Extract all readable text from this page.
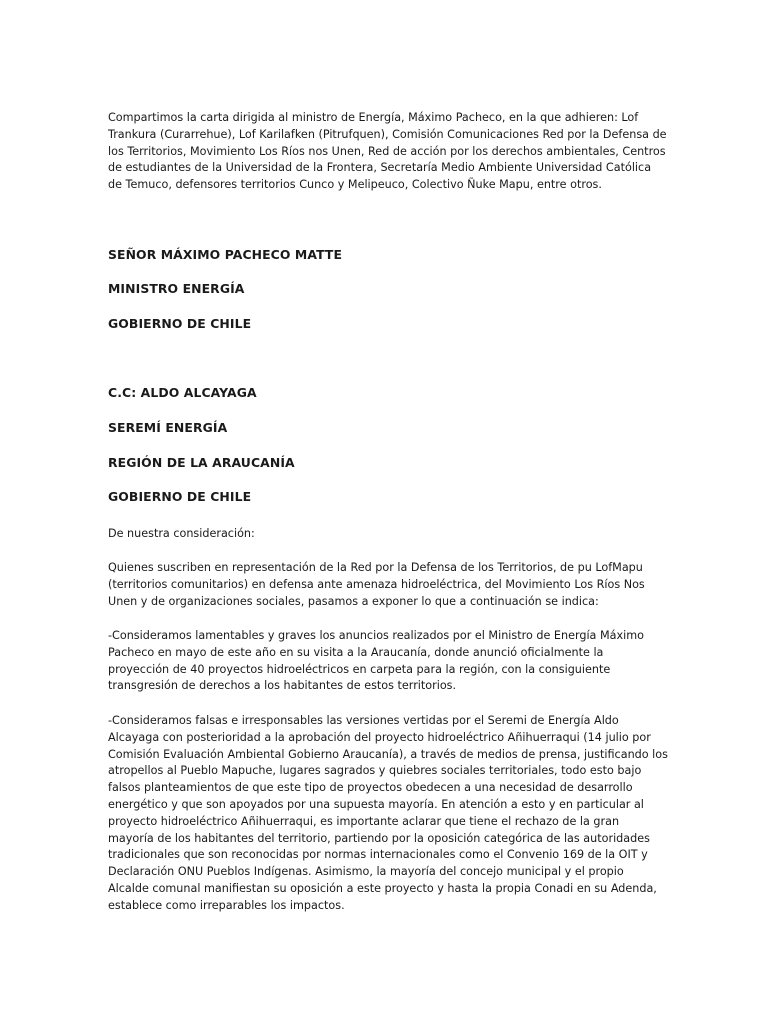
Compartimos la carta dirigida al ministro de Energía, Máximo Pacheco, en la que adhieren: Lof Trankura (Curarrehue), Lof Karilafken (Pitrufquen), Comisión Comunicaciones Red por la Defensa de los Territorios, Movimiento Los Ríos nos Unen, Red de acción por los derechos ambientales, Centros de estudiantes de la Universidad de la Frontera, Secretaría Medio Ambiente Universidad Católica de Temuco, defensores territorios Cunco y Melipeuco, Colectivo Ñuke Mapu, entre otros.

SEÑOR MÁXIMO PACHECO MATTE

MINISTRO ENERGÍA

GOBIERNO DE CHILE

C.C: ALDO ALCAYAGA

SEREMÍ ENERGÍA

REGIÓN DE LA ARAUCANÍA

GOBIERNO DE CHILE

De nuestra consideración:

Quienes suscriben en representación de la Red por la Defensa de los Territorios, de pu LofMapu (territorios comunitarios) en defensa ante amenaza hidroeléctrica, del Movimiento Los Ríos Nos Unen y de organizaciones sociales, pasamos a exponer lo que a continuación se indica:

-Consideramos lamentables y graves los anuncios realizados por el Ministro de Energía Máximo Pacheco en mayo de este año en su visita a la Araucanía, donde anunció oficialmente la proyección de 40 proyectos hidroeléctricos en carpeta para la región, con la consiguiente transgresión de derechos a los habitantes de estos territorios.

-Consideramos falsas e irresponsables las versiones vertidas por el Seremi de Energía Aldo Alcayaga con posterioridad a la aprobación del proyecto hidroeléctrico Añihuerraqui (14 julio por Comisión Evaluación Ambiental Gobierno Araucanía), a través de medios de prensa, justificando los atropellos al Pueblo Mapuche, lugares sagrados y quiebres sociales territoriales, todo esto bajo falsos planteamientos de que este tipo de proyectos obedecen a una necesidad de desarrollo energético y que son apoyados por una supuesta mayoría. En atención a esto y en particular al proyecto hidroeléctrico Añihuerraqui, es importante aclarar que tiene el rechazo de la gran mayoría de los habitantes del territorio, partiendo por la oposición categórica de las autoridades tradicionales que son reconocidas por normas internacionales como el Convenio 169 de la OIT y Declaración ONU Pueblos Indígenas. Asimismo, la mayoría del concejo municipal y el propio Alcalde comunal manifiestan su oposición a este proyecto y hasta la propia Conadi en su Adenda, establece como irreparables los impactos.
